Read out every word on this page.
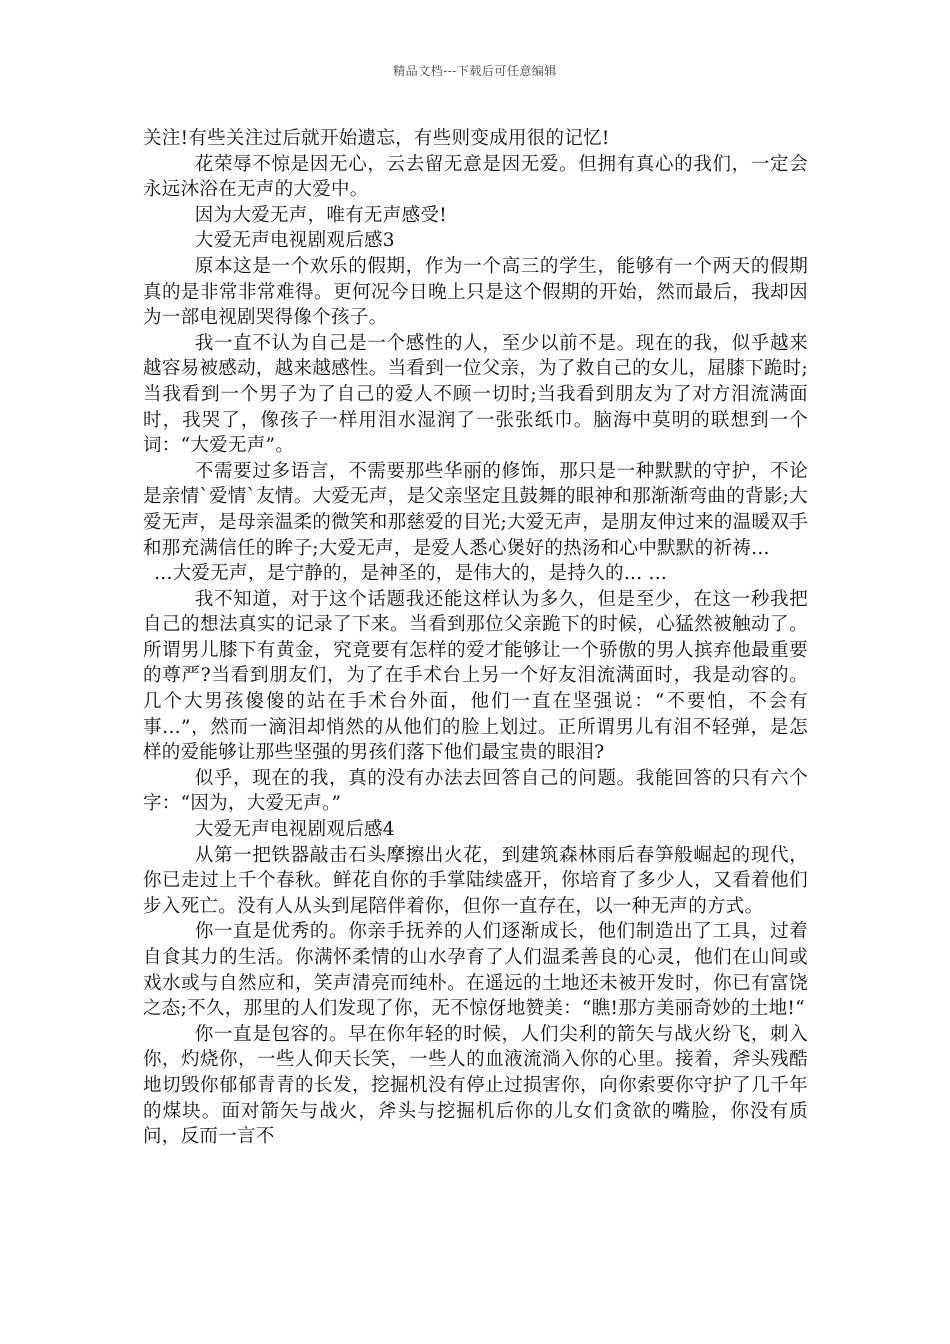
精品文档---下载后可任意编辑

关注!有些关注过后就开始遗忘，有些则变成用很的记忆!

花荣辱不惊是因无心，云去留无意是因无爱。但拥有真心的我们，一定会永远沐浴在无声的大爱中。

因为大爱无声，唯有无声感受!

大爱无声电视剧观后感3

原本这是一个欢乐的假期，作为一个高三的学生，能够有一个两天的假期真的是非常非常难得。更何况今日晚上只是这个假期的开始，然而最后，我却因为一部电视剧哭得像个孩子。

我一直不认为自己是一个感性的人，至少以前不是。现在的我，似乎越来越容易被感动，越来越感性。当看到一位父亲，为了救自己的女儿，屈膝下跪时;当我看到一个男子为了自己的爱人不顾一切时;当我看到朋友为了对方泪流满面时，我哭了，像孩子一样用泪水湿润了一张张纸巾。脑海中莫明的联想到一个词：“大爱无声”。

不需要过多语言，不需要那些华丽的修饰，那只是一种默默的守护，不论是亲情`爱情`友情。大爱无声，是父亲坚定且鼓舞的眼神和那渐渐弯曲的背影;大爱无声，是母亲温柔的微笑和那慈爱的目光;大爱无声，是朋友伸过来的温暖双手和那充满信任的眸子;大爱无声，是爱人悉心煲好的热汤和心中默默的祈祷...

...大爱无声，是宁静的，是神圣的，是伟大的，是持久的... ...

我不知道，对于这个话题我还能这样认为多久，但是至少，在这一秒我把自己的想法真实的记录了下来。当看到那位父亲跪下的时候，心猛然被触动了。所谓男儿膝下有黄金，究竟要有怎样的爱才能够让一个骄傲的男人摈弃他最重要的尊严?当看到朋友们，为了在手术台上另一个好友泪流满面时，我是动容的。几个大男孩傻傻的站在手术台外面，他们一直在坚强说：“不要怕，不会有事...”，然而一滴泪却悄然的从他们的脸上划过。正所谓男儿有泪不轻弹，是怎样的爱能够让那些坚强的男孩们落下他们最宝贵的眼泪?

似乎，现在的我，真的没有办法去回答自己的问题。我能回答的只有六个字：“因为，大爱无声。”

大爱无声电视剧观后感4

从第一把铁器敲击石头摩擦出火花，到建筑森林雨后春笋般崛起的现代，你已走过上千个春秋。鲜花自你的手掌陆续盛开，你培育了多少人，又看着他们步入死亡。没有人从头到尾陪伴着你，但你一直存在，以一种无声的方式。

你一直是优秀的。你亲手抚养的人们逐渐成长，他们制造出了工具，过着自食其力的生活。你满怀柔情的山水孕育了人们温柔善良的心灵，他们在山间或戏水或与自然应和，笑声清亮而纯朴。在遥远的土地还未被开发时，你已有富饶之态;不久，那里的人们发现了你，无不惊伢地赞美：“瞧!那方美丽奇妙的土地!“

你一直是包容的。早在你年轻的时候，人们尖利的箭矢与战火纷飞，刺入你，灼烧你，一些人仰天长笑，一些人的血液流淌入你的心里。接着，斧头残酷地切毁你郁郁青青的长发，挖掘机没有停止过损害你，向你索要你守护了几千年的煤块。面对箭矢与战火，斧头与挖掘机后你的儿女们贪欲的嘴脸，你没有质问，反而一言不
